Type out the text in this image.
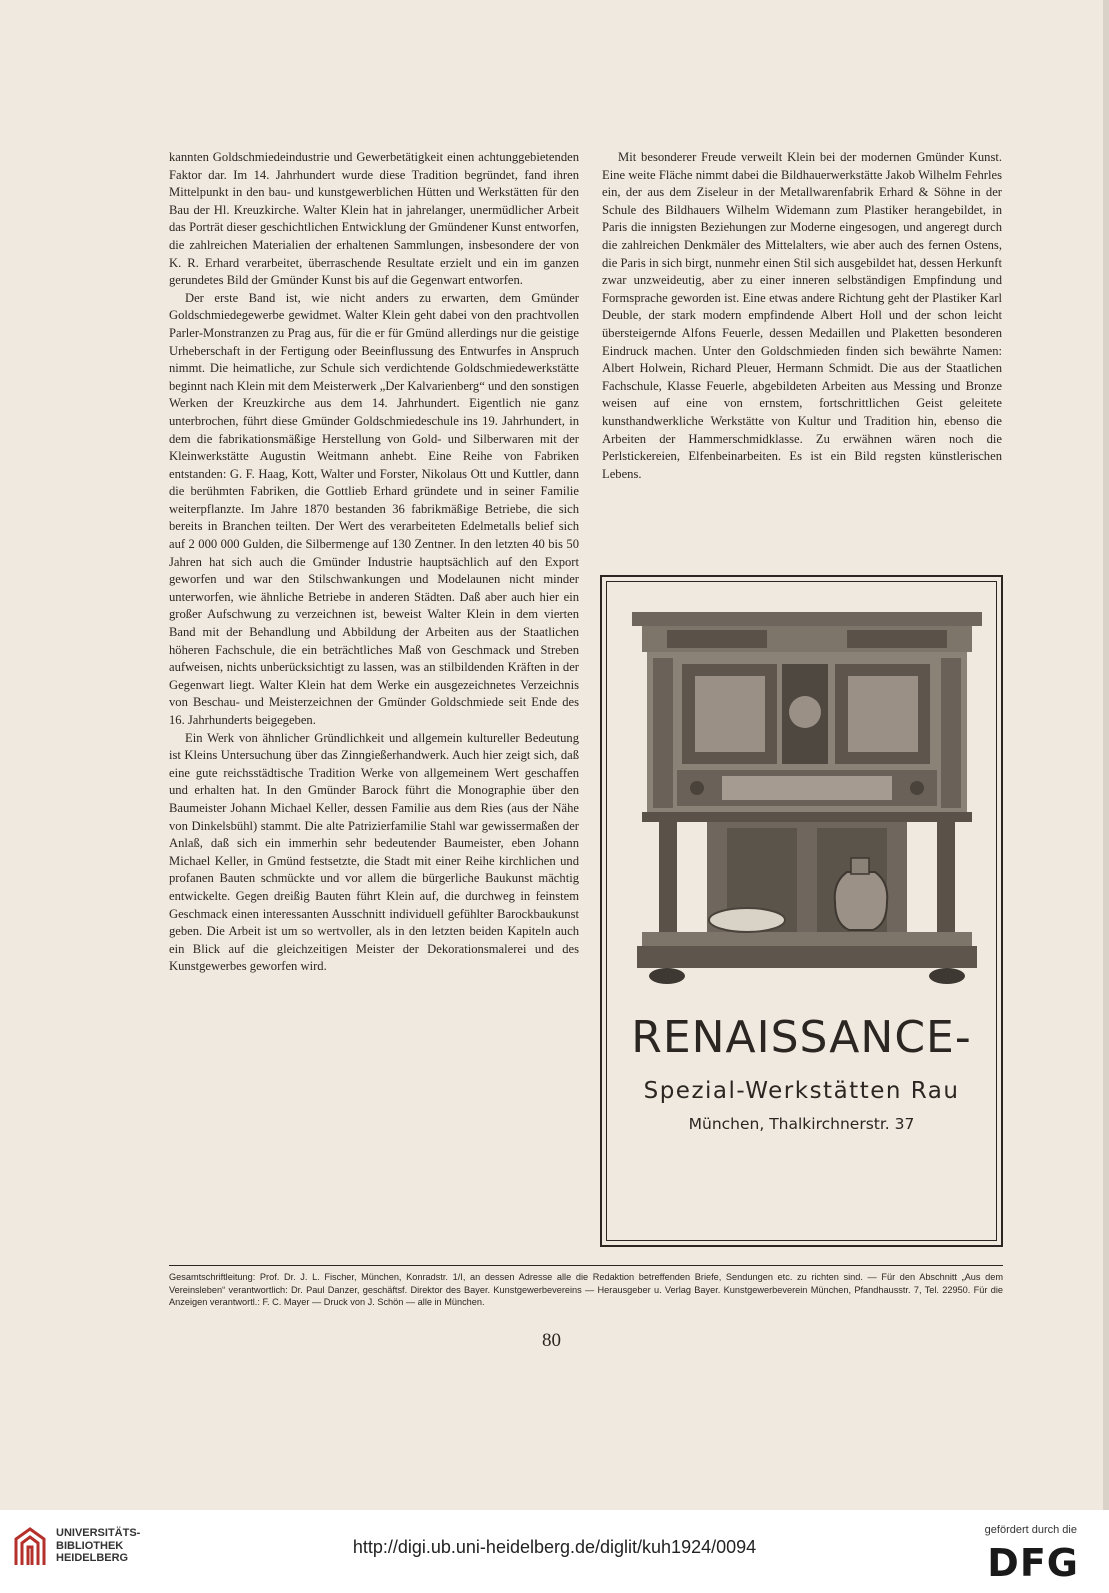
kannten Goldschmiedeindustrie und Gewerbetätigkeit einen achtunggebietenden Faktor dar. Im 14. Jahrhundert wurde diese Tradition begründet, fand ihren Mittelpunkt in den bau- und kunstgewerblichen Hütten und Werkstätten für den Bau der Hl. Kreuzkirche. Walter Klein hat in jahrelanger, unermüdlicher Arbeit das Porträt dieser geschichtlichen Entwicklung der Gmündener Kunst entworfen, die zahlreichen Materialien der erhaltenen Sammlungen, insbesondere der von K. R. Erhard verarbeitet, überraschende Resultate erzielt und ein im ganzen gerundetes Bild der Gmünder Kunst bis auf die Gegenwart entworfen.

Der erste Band ist, wie nicht anders zu erwarten, dem Gmünder Goldschmiedegewerbe gewidmet. Walter Klein geht dabei von den prachtvollen Parler-Monstranzen zu Prag aus, für die er für Gmünd allerdings nur die geistige Urheberschaft in der Fertigung oder Beeinflussung des Entwurfes in Anspruch nimmt. Die heimatliche, zur Schule sich verdichtende Goldschmiedewerkstätte beginnt nach Klein mit dem Meisterwerk „Der Kalvarienberg“ und den sonstigen Werken der Kreuzkirche aus dem 14. Jahrhundert. Eigentlich nie ganz unterbrochen, führt diese Gmünder Goldschmiedeschule ins 19. Jahrhundert, in dem die fabrikationsmäßige Herstellung von Gold- und Silberwaren mit der Kleinwerkstätte Augustin Weitmann anhebt. Eine Reihe von Fabriken entstanden: G. F. Haag, Kott, Walter und Forster, Nikolaus Ott und Kuttler, dann die berühmten Fabriken, die Gottlieb Erhard gründete und in seiner Familie weiterpflanzte. Im Jahre 1870 bestanden 36 fabrikmäßige Betriebe, die sich bereits in Branchen teilten. Der Wert des verarbeiteten Edelmetalls belief sich auf 2 000 000 Gulden, die Silbermenge auf 130 Zentner. In den letzten 40 bis 50 Jahren hat sich auch die Gmünder Industrie hauptsächlich auf den Export geworfen und war den Stilschwankungen und Modelaunen nicht minder unterworfen, wie ähnliche Betriebe in anderen Städten. Daß aber auch hier ein großer Aufschwung zu verzeichnen ist, beweist Walter Klein in dem vierten Band mit der Behandlung und Abbildung der Arbeiten aus der Staatlichen höheren Fachschule, die ein beträchtliches Maß von Geschmack und Streben aufweisen, nichts unberücksichtigt zu lassen, was an stilbildenden Kräften in der Gegenwart liegt. Walter Klein hat dem Werke ein ausgezeichnetes Verzeichnis von Beschau- und Meisterzeichnen der Gmünder Goldschmiede seit Ende des 16. Jahrhunderts beigegeben.

Ein Werk von ähnlicher Gründlichkeit und allgemein kultureller Bedeutung ist Kleins Untersuchung über das Zinngießerhandwerk. Auch hier zeigt sich, daß eine gute reichsstädtische Tradition Werke von allgemeinem Wert geschaffen und erhalten hat. In den Gmünder Barock führt die Monographie über den Baumeister Johann Michael Keller, dessen Familie aus dem Ries (aus der Nähe von Dinkelsbühl) stammt. Die alte Patrizierfamilie Stahl war gewissermaßen der Anlaß, daß sich ein immerhin sehr bedeutender Baumeister, eben Johann Michael Keller, in Gmünd festsetzte, die Stadt mit einer Reihe kirchlichen und profanen Bauten schmückte und vor allem die bürgerliche Baukunst mächtig entwickelte. Gegen dreißig Bauten führt Klein auf, die durchweg in feinstem Geschmack einen interessanten Ausschnitt individuell gefühlter Barockbaukunst geben. Die Arbeit ist um so wertvoller, als in den letzten beiden Kapiteln auch ein Blick auf die gleichzeitigen Meister der Dekorationsmalerei und des Kunstgewerbes geworfen wird.

Mit besonderer Freude verweilt Klein bei der modernen Gmünder Kunst. Eine weite Fläche nimmt dabei die Bildhauerwerkstätte Jakob Wilhelm Fehrles ein, der aus dem Ziseleur in der Metallwarenfabrik Erhard & Söhne in der Schule des Bildhauers Wilhelm Widemann zum Plastiker herangebildet, in Paris die innigsten Beziehungen zur Moderne eingesogen, und angeregt durch die zahlreichen Denkmäler des Mittelalters, wie aber auch des fernen Ostens, die Paris in sich birgt, nunmehr einen Stil sich ausgebildet hat, dessen Herkunft zwar unzweideutig, aber zu einer inneren selbständigen Empfindung und Formsprache geworden ist. Eine etwas andere Richtung geht der Plastiker Karl Deuble, der stark modern empfindende Albert Holl und der schon leicht übersteigernde Alfons Feuerle, dessen Medaillen und Plaketten besonderen Eindruck machen. Unter den Goldschmieden finden sich bewährte Namen: Albert Holwein, Richard Pleuer, Hermann Schmidt. Die aus der Staatlichen Fachschule, Klasse Feuerle, abgebildeten Arbeiten aus Messing und Bronze weisen auf eine von ernstem, fortschrittlichen Geist geleitete kunsthandwerkliche Werkstätte von Kultur und Tradition hin, ebenso die Arbeiten der Hammerschmidklasse. Zu erwähnen wären noch die Perlstickereien, Elfenbeinarbeiten. Es ist ein Bild regsten künstlerischen Lebens.

RENAISSANCE-
Spezial-Werkstätten Rau
München, Thalkirchnerstr. 37
Gesamtschriftleitung: Prof. Dr. J. L. Fischer, München, Konradstr. 1/I, an dessen Adresse alle die Redaktion betreffenden Briefe, Sendungen etc. zu richten sind. — Für den Abschnitt „Aus dem Vereinsleben“ verantwortlich: Dr. Paul Danzer, geschäftsf. Direktor des Bayer. Kunstgewerbevereins — Herausgeber u. Verlag Bayer. Kunstgewerbeverein München, Pfandhausstr. 7, Tel. 22950. Für die Anzeigen verantwortl.: F. C. Mayer — Druck von J. Schön — alle in München.
80
UNIVERSITÄTS-
BIBLIOTHEK
HEIDELBERG
http://digi.ub.uni-heidelberg.de/diglit/kuh1924/0094
gefördert durch die
DFG
